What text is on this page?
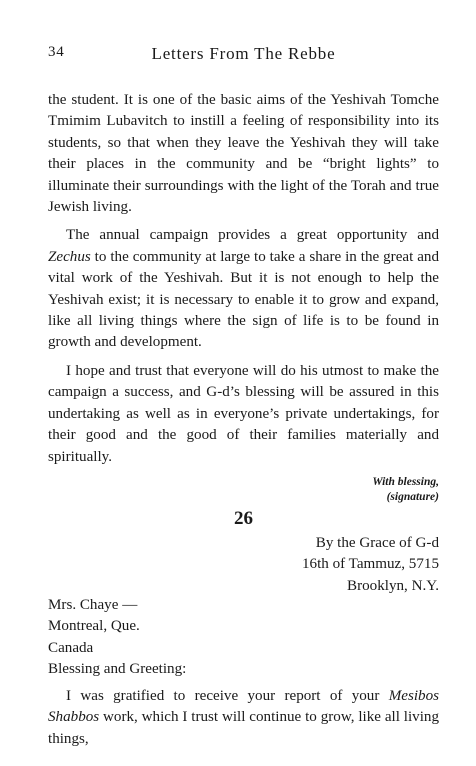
34	Letters From The Rebbe

the student. It is one of the basic aims of the Yeshivah Tomche Tmimim Lubavitch to instill a feeling of responsibility into its students, so that when they leave the Yeshivah they will take their places in the community and be “bright lights” to illuminate their surroundings with the light of the Torah and true Jewish living.

The annual campaign provides a great opportunity and Zechus to the community at large to take a share in the great and vital work of the Yeshivah. But it is not enough to help the Yeshivah exist; it is necessary to enable it to grow and expand, like all living things where the sign of life is to be found in growth and development.

I hope and trust that everyone will do his utmost to make the campaign a success, and G-d’s blessing will be assured in this undertaking as well as in everyone’s private undertakings, for their good and the good of their families materially and spiritually.

With blessing,
(signature)
26
By the Grace of G-d
16th of Tammuz, 5715
Brooklyn, N.Y.
Mrs. Chaye —
Montreal, Que.
Canada
Blessing and Greeting:

I was gratified to receive your report of your Mesibos Shabbos work, which I trust will continue to grow, like all living things,
